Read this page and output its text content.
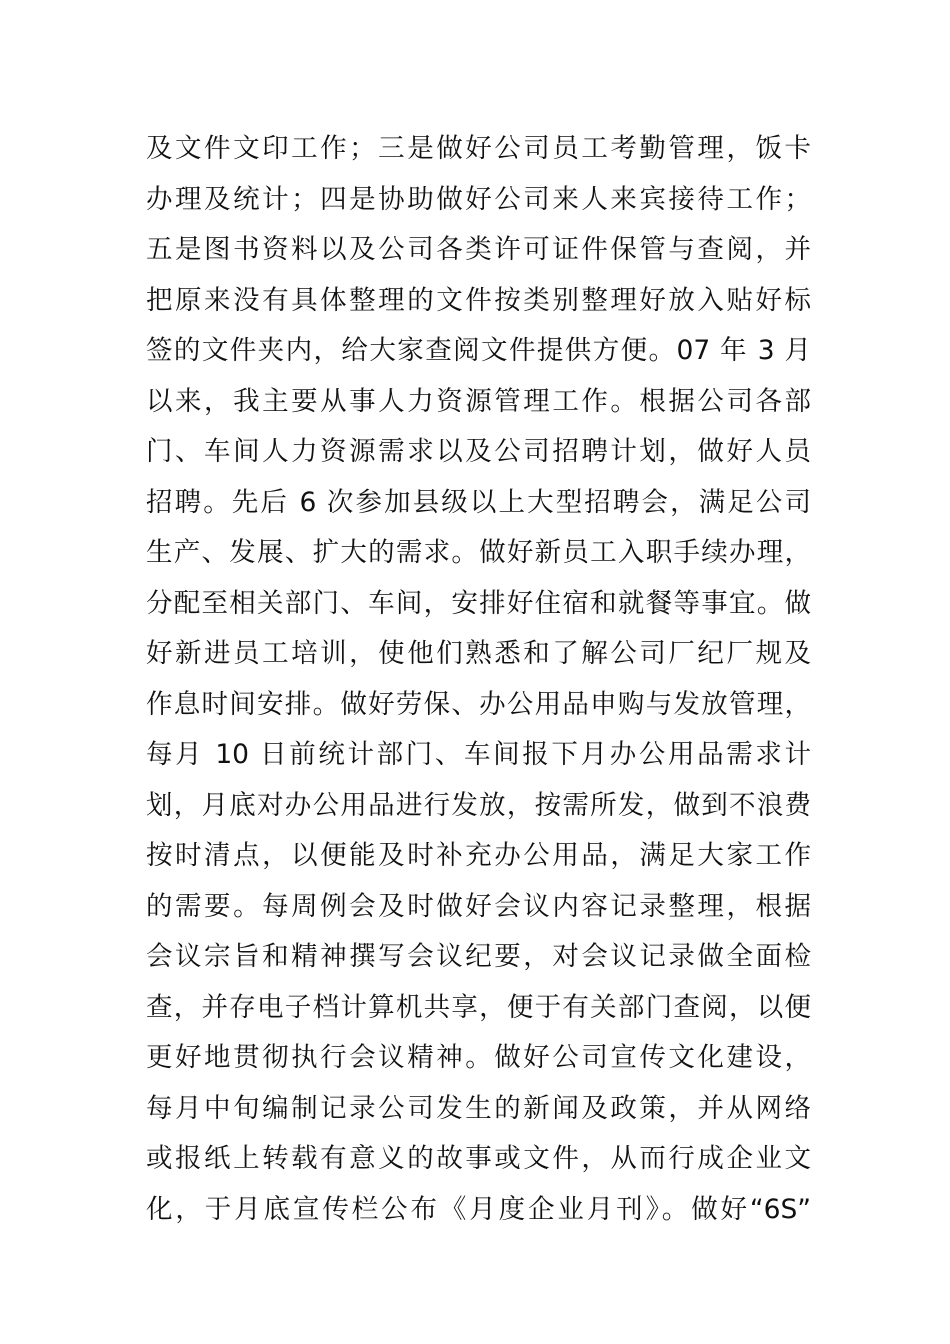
及文件文印工作；三是做好公司员工考勤管理，饭卡
办理及统计；四是协助做好公司来人来宾接待工作；
五是图书资料以及公司各类许可证件保管与查阅，并
把原来没有具体整理的文件按类别整理好放入贴好标
签的文件夹内，给大家查阅文件提供方便。07 年 3 月
以来，我主要从事人力资源管理工作。根据公司各部
门、车间人力资源需求以及公司招聘计划，做好人员
招聘。先后 6 次参加县级以上大型招聘会，满足公司
生产、发展、扩大的需求。做好新员工入职手续办理，
分配至相关部门、车间，安排好住宿和就餐等事宜。做
好新进员工培训，使他们熟悉和了解公司厂纪厂规及
作息时间安排。做好劳保、办公用品申购与发放管理，
每月 10 日前统计部门、车间报下月办公用品需求计
划，月底对办公用品进行发放，按需所发，做到不浪费
按时清点，以便能及时补充办公用品，满足大家工作
的需要。每周例会及时做好会议内容记录整理，根据
会议宗旨和精神撰写会议纪要，对会议记录做全面检
查，并存电子档计算机共享，便于有关部门查阅，以便
更好地贯彻执行会议精神。做好公司宣传文化建设，
每月中旬编制记录公司发生的新闻及政策，并从网络
或报纸上转载有意义的故事或文件，从而行成企业文
化，于月底宣传栏公布《月度企业月刊》。做好“6S”
